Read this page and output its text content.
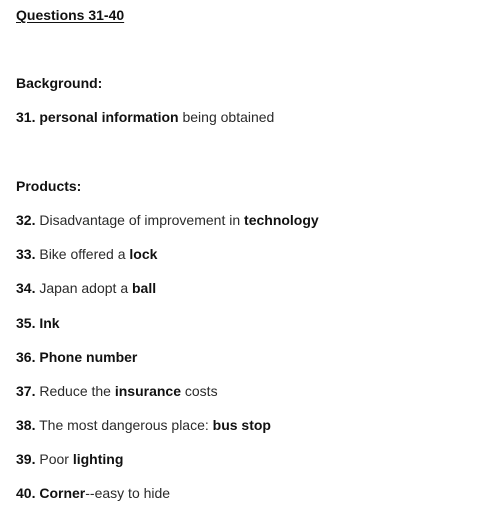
Questions 31-40
Background:
31. personal information being obtained
Products:
32. Disadvantage of improvement in technology
33. Bike offered a lock
34. Japan adopt a ball
35. Ink
36. Phone number
37. Reduce the insurance costs
38. The most dangerous place: bus stop
39. Poor lighting
40. Corner--easy to hide
